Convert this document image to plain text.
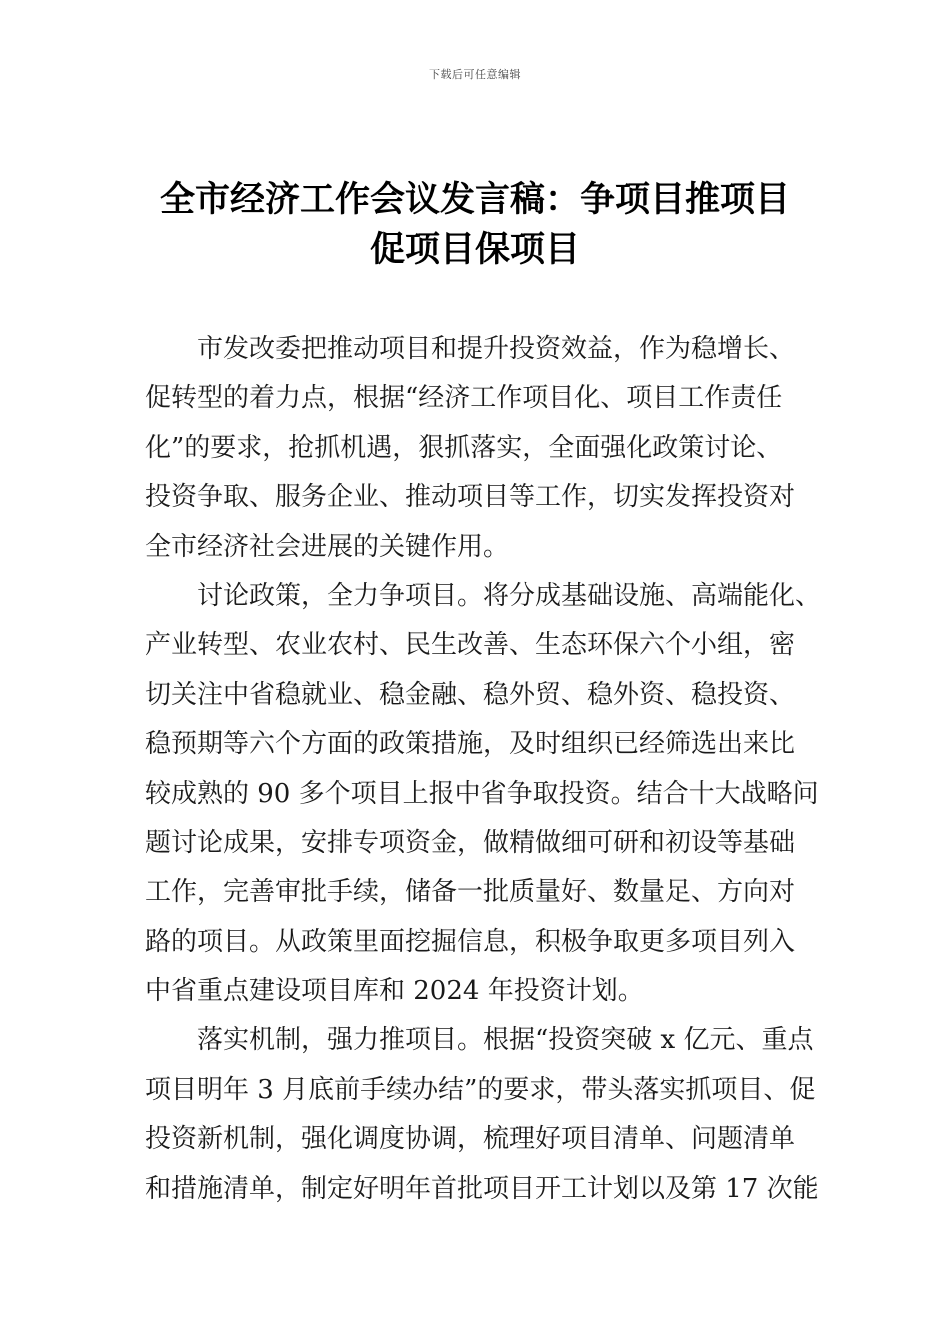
下载后可任意编辑
全市经济工作会议发言稿：争项目推项目
促项目保项目

市发改委把推动项目和提升投资效益，作为稳增长、
促转型的着力点，根据“经济工作项目化、项目工作责任
化”的要求，抢抓机遇，狠抓落实，全面强化政策讨论、
投资争取、服务企业、推动项目等工作，切实发挥投资对
全市经济社会进展的关键作用。

讨论政策，全力争项目。将分成基础设施、高端能化、
产业转型、农业农村、民生改善、生态环保六个小组，密
切关注中省稳就业、稳金融、稳外贸、稳外资、稳投资、
稳预期等六个方面的政策措施，及时组织已经筛选出来比
较成熟的 90 多个项目上报中省争取投资。结合十大战略问
题讨论成果，安排专项资金，做精做细可研和初设等基础
工作，完善审批手续，储备一批质量好、数量足、方向对
路的项目。从政策里面挖掘信息，积极争取更多项目列入
中省重点建设项目库和 2024 年投资计划。

落实机制，强力推项目。根据“投资突破 x 亿元、重点
项目明年 3 月底前手续办结”的要求，带头落实抓项目、促
投资新机制，强化调度协调，梳理好项目清单、问题清单
和措施清单，制定好明年首批项目开工计划以及第 17 次能
